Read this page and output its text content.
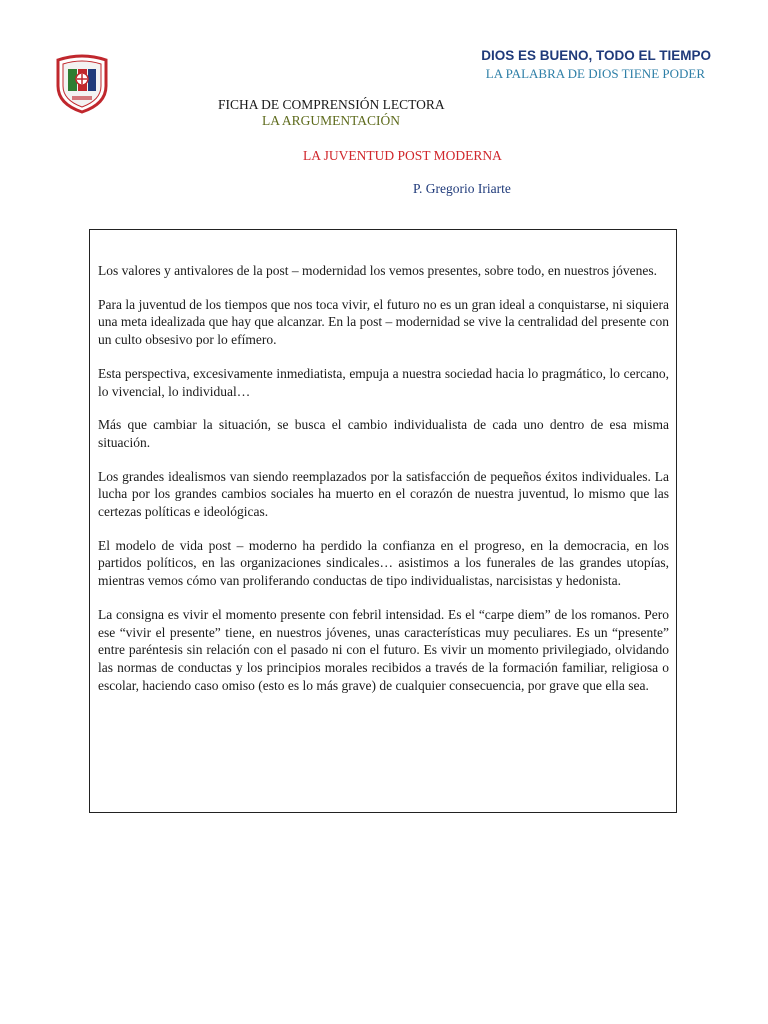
DIOS ES BUENO, TODO EL TIEMPO
LA PALABRA DE DIOS TIENE PODER
FICHA DE COMPRENSIÓN LECTORA
LA ARGUMENTACIÓN
LA JUVENTUD POST MODERNA
P. Gregorio Iriarte

Los valores y antivalores de la post – modernidad los vemos presentes, sobre todo, en nuestros jóvenes.

Para la juventud de los tiempos que nos toca vivir, el futuro no es un gran ideal a conquistarse, ni siquiera una meta idealizada que hay que alcanzar. En la post – modernidad se vive la centralidad del presente con un culto obsesivo por lo efímero.

Esta perspectiva, excesivamente inmediatista, empuja a nuestra sociedad hacia lo pragmático, lo cercano, lo vivencial, lo individual…

Más que cambiar la situación, se busca el cambio individualista de cada uno dentro de esa misma situación.

Los grandes idealismos van siendo reemplazados por la satisfacción de pequeños éxitos individuales. La lucha por los grandes cambios sociales ha muerto en el corazón de nuestra juventud, lo mismo que las certezas políticas e ideológicas.

El modelo de vida post – moderno ha perdido la confianza en el progreso, en la democracia, en los partidos políticos, en las organizaciones sindicales… asistimos a los funerales de las grandes utopías, mientras vemos cómo van proliferando conductas de tipo individualistas, narcisistas y hedonista.

La consigna es vivir el momento presente con febril intensidad. Es el “carpe diem” de los romanos. Pero ese “vivir el presente” tiene, en nuestros jóvenes, unas características muy peculiares. Es un “presente” entre paréntesis sin relación con el pasado ni con el futuro. Es vivir un momento privilegiado, olvidando las normas de conductas y los principios morales recibidos a través de la formación familiar, religiosa o escolar, haciendo caso omiso (esto es lo más grave) de cualquier consecuencia, por grave que ella sea.
